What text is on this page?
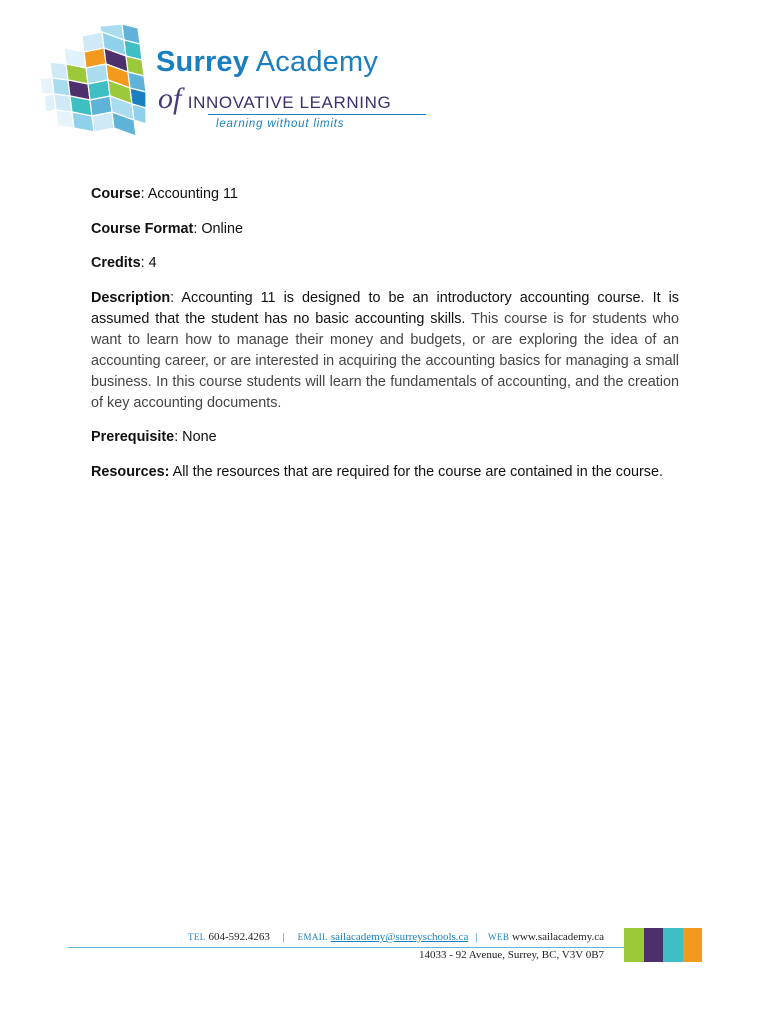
Surrey Academy
of INNOVATIVE LEARNING
learning without limits

Course: Accounting 11

Course Format: Online

Credits: 4

Description: Accounting 11 is designed to be an introductory accounting course. It is assumed that the student has no basic accounting skills. This course is for students who want to learn how to manage their money and budgets, or are exploring the idea of an accounting career, or are interested in acquiring the accounting basics for managing a small business. In this course students will learn the fundamentals of accounting, and the creation of key accounting documents.

Prerequisite: None

Resources: All the resources that are required for the course are contained in the course.

TEL 604-592.4263 | EMAIL sailacademy@surreyschools.ca | WEB www.sailacademy.ca
14033 - 92 Avenue, Surrey, BC, V3V 0B7
